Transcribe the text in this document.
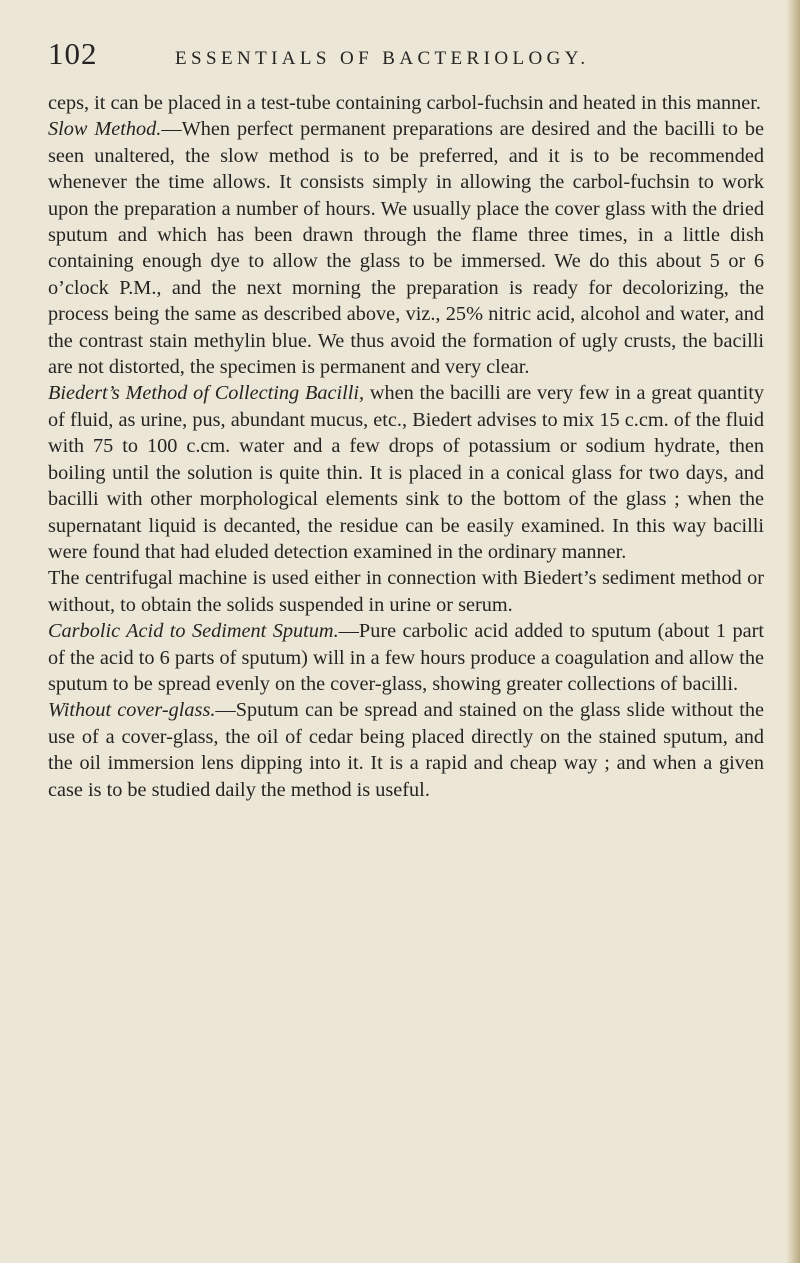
102	ESSENTIALS OF BACTERIOLOGY.

ceps, it can be placed in a test-tube containing carbol-fuchsin and heated in this manner.

Slow Method.—When perfect permanent preparations are desired and the bacilli to be seen unaltered, the slow method is to be preferred, and it is to be recommended whenever the time allows. It consists simply in allowing the carbol-fuchsin to work upon the preparation a number of hours. We usually place the cover glass with the dried sputum and which has been drawn through the flame three times, in a little dish containing enough dye to allow the glass to be immersed. We do this about 5 or 6 o’clock P.M., and the next morning the preparation is ready for decolorizing, the process being the same as described above, viz., 25% nitric acid, alcohol and water, and the contrast stain methylin blue. We thus avoid the formation of ugly crusts, the bacilli are not distorted, the specimen is permanent and very clear.

Biedert’s Method of Collecting Bacilli, when the bacilli are very few in a great quantity of fluid, as urine, pus, abundant mucus, etc., Biedert advises to mix 15 c.cm. of the fluid with 75 to 100 c.cm. water and a few drops of potassium or sodium hydrate, then boiling until the solution is quite thin. It is placed in a conical glass for two days, and bacilli with other morphological elements sink to the bottom of the glass ; when the supernatant liquid is decanted, the residue can be easily examined. In this way bacilli were found that had eluded detection examined in the ordinary manner.

The centrifugal machine is used either in connection with Biedert’s sediment method or without, to obtain the solids suspended in urine or serum.

Carbolic Acid to Sediment Sputum.—Pure carbolic acid added to sputum (about 1 part of the acid to 6 parts of sputum) will in a few hours produce a coagulation and allow the sputum to be spread evenly on the cover-glass, showing greater collections of bacilli.

Without cover-glass.—Sputum can be spread and stained on the glass slide without the use of a cover-glass, the oil of cedar being placed directly on the stained sputum, and the oil immersion lens dipping into it. It is a rapid and cheap way ; and when a given case is to be studied daily the method is useful.
